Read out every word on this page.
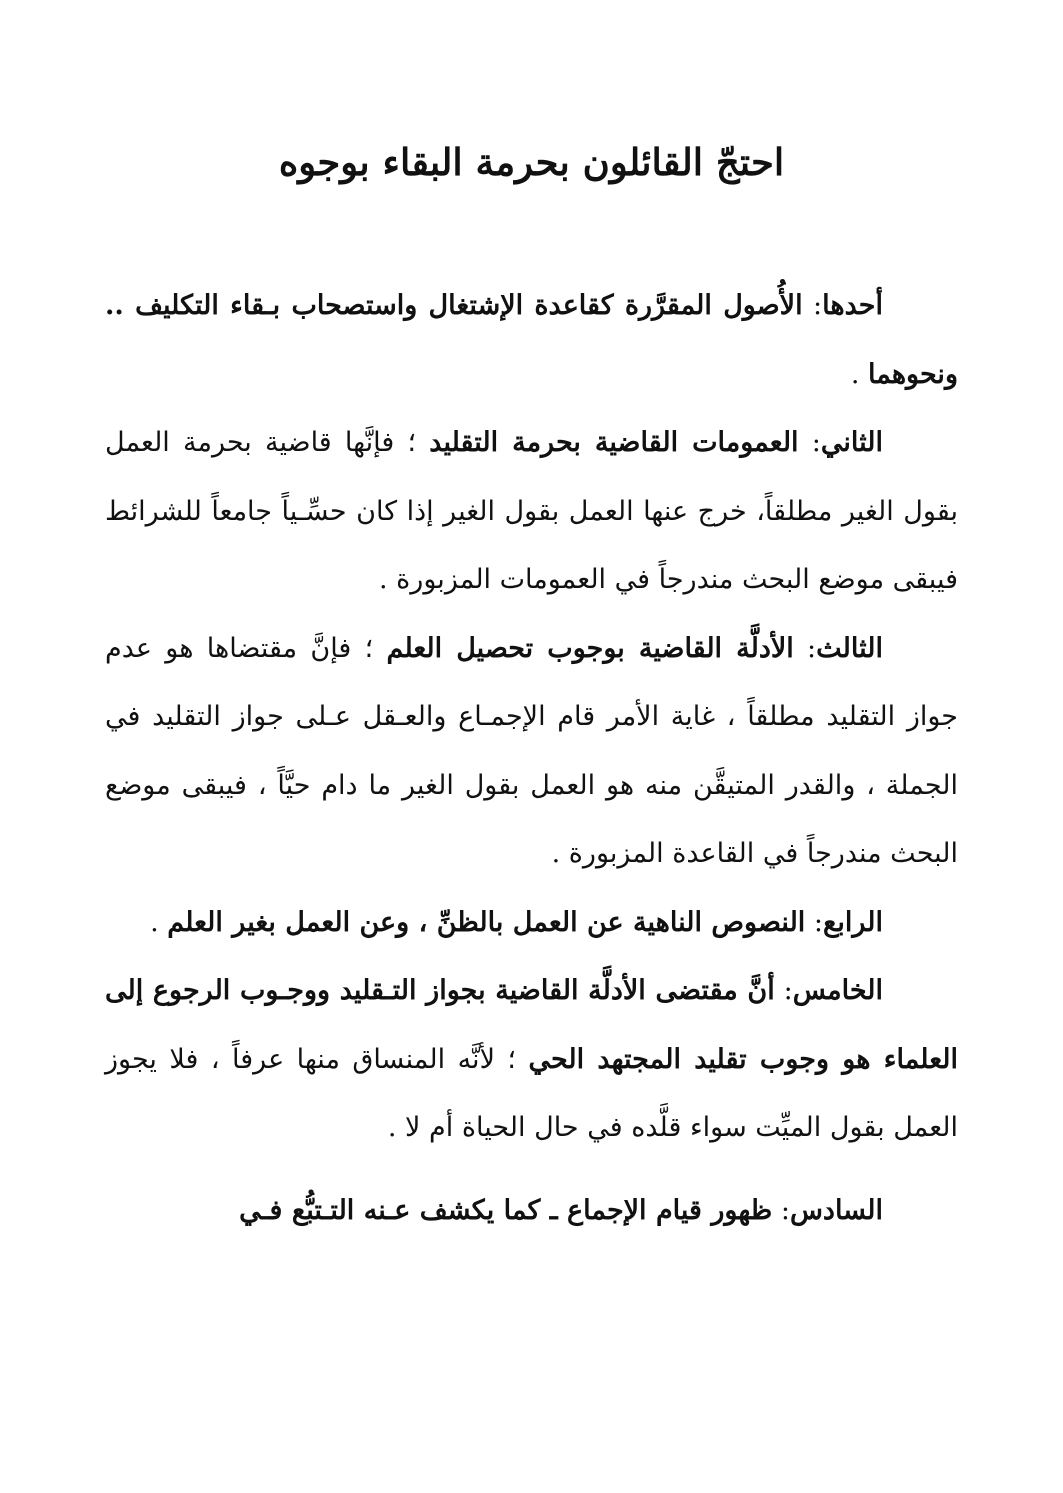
احتجّ القائلون بحرمة البقاء بوجوه

أحدها: الأُصول المقرَّرة كقاعدة الإشتغال واستصحاب بـقاء التكليف .. ونحوهما .

الثاني: العمومات القاضية بحرمة التقليد ؛ فإنَّها قاضية بحرمة العمل بقول الغير مطلقاً، خرج عنها العمل بقول الغير إذا كان حسِّـياً جامعاً للشرائط فيبقى موضع البحث مندرجاً في العمومات المزبورة .

الثالث: الأدلَّة القاضية بوجوب تحصيل العلم ؛ فإنَّ مقتضاها هو عدم جواز التقليد مطلقاً ، غاية الأمر قام الإجمـاع والعـقل عـلى جواز التقليد في الجملة ، والقدر المتيقَّن منه هو العمل بقول الغير ما دام حيَّاً ، فيبقى موضع البحث مندرجاً في القاعدة المزبورة .

الرابع: النصوص الناهية عن العمل بالظنِّ ، وعن العمل بغير العلم .

الخامس: أنَّ مقتضى الأدلَّة القاضية بجواز التـقليد ووجـوب الرجوع إلى العلماء هو وجوب تقليد المجتهد الحي ؛ لأنَّه المنساق منها عرفاً ، فلا يجوز العمل بقول الميِّت سواء قلَّده في حال الحياة أم لا .

السادس: ظهور قيام الإجماع ـ كما يكشف عـنه التـتبُّع فـي
